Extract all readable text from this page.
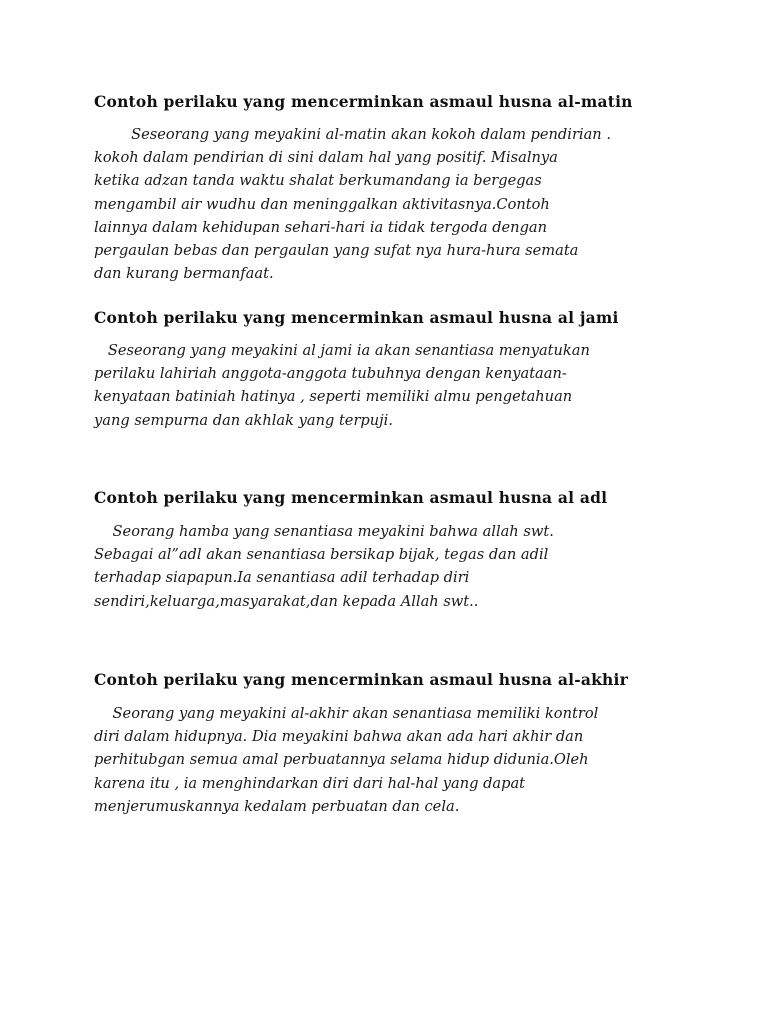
Contoh perilaku yang mencerminkan asmaul husna al-matin

Seseorang yang meyakini al-matin akan kokoh dalam pendirian .
kokoh dalam pendirian di sini dalam hal yang positif. Misalnya
ketika adzan tanda waktu shalat berkumandang ia bergegas
mengambil air wudhu dan meninggalkan aktivitasnya.Contoh
lainnya dalam kehidupan sehari-hari ia tidak tergoda dengan
pergaulan bebas dan pergaulan yang sufat nya hura-hura semata
dan kurang bermanfaat.

Contoh perilaku yang mencerminkan asmaul husna al jami

Seseorang yang meyakini al jami ia akan senantiasa menyatukan
perilaku lahiriah anggota-anggota tubuhnya dengan kenyataan-
kenyataan batiniah hatinya , seperti memiliki almu pengetahuan
yang sempurna dan akhlak yang terpuji.

Contoh perilaku yang mencerminkan asmaul husna al adl

Seorang hamba yang senantiasa meyakini bahwa allah swt.
Sebagai al”adl akan senantiasa bersikap bijak, tegas dan adil
terhadap siapapun.Ia senantiasa adil terhadap diri
sendiri,keluarga,masyarakat,dan kepada Allah swt..

Contoh perilaku yang mencerminkan asmaul husna al-akhir

Seorang yang meyakini al-akhir akan senantiasa memiliki kontrol
diri dalam hidupnya. Dia meyakini bahwa akan ada hari akhir dan
perhitubgan semua amal perbuatannya selama hidup didunia.Oleh
karena itu , ia menghindarkan diri dari hal-hal yang dapat
menjerumuskannya kedalam perbuatan dan cela.
